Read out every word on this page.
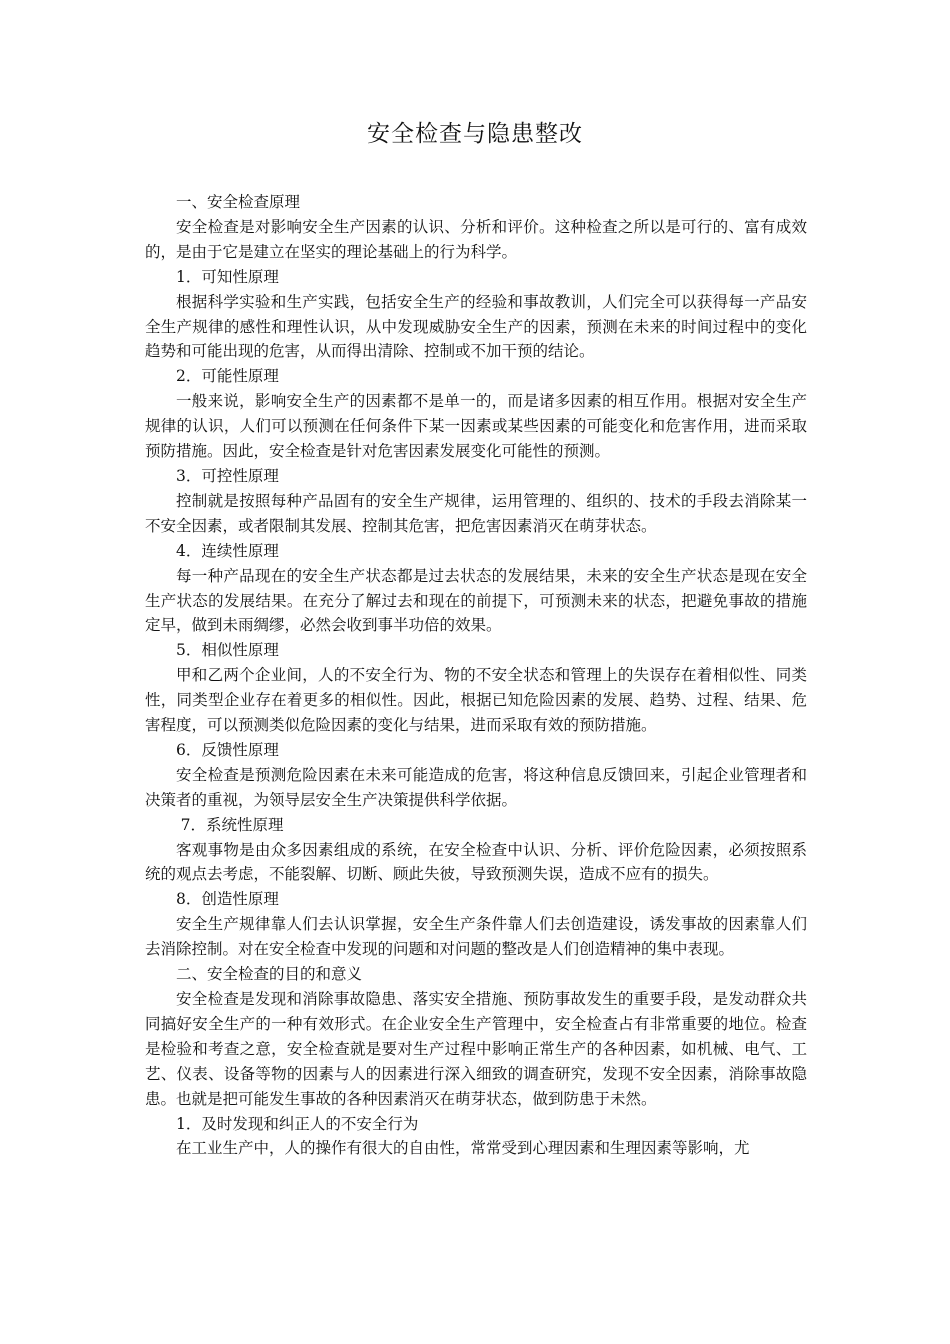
安全检查与隐患整改

一、安全检查原理

安全检查是对影响安全生产因素的认识、分析和评价。这种检查之所以是可行的、富有成效的，是由于它是建立在坚实的理论基础上的行为科学。

1．可知性原理

根据科学实验和生产实践，包括安全生产的经验和事故教训，人们完全可以获得每一产品安全生产规律的感性和理性认识，从中发现威胁安全生产的因素，预测在未来的时间过程中的变化趋势和可能出现的危害，从而得出清除、控制或不加干预的结论。

2．可能性原理

一般来说，影响安全生产的因素都不是单一的，而是诸多因素的相互作用。根据对安全生产规律的认识，人们可以预测在任何条件下某一因素或某些因素的可能变化和危害作用，进而采取预防措施。因此，安全检查是针对危害因素发展变化可能性的预测。

3．可控性原理

控制就是按照每种产品固有的安全生产规律，运用管理的、组织的、技术的手段去消除某一不安全因素，或者限制其发展、控制其危害，把危害因素消灭在萌芽状态。

4．连续性原理

每一种产品现在的安全生产状态都是过去状态的发展结果，未来的安全生产状态是现在安全生产状态的发展结果。在充分了解过去和现在的前提下，可预测未来的状态，把避免事故的措施定早，做到未雨绸缪，必然会收到事半功倍的效果。

5．相似性原理

甲和乙两个企业间，人的不安全行为、物的不安全状态和管理上的失误存在着相似性、同类性，同类型企业存在着更多的相似性。因此，根据已知危险因素的发展、趋势、过程、结果、危害程度，可以预测类似危险因素的变化与结果，进而采取有效的预防措施。

6．反馈性原理

安全检查是预测危险因素在未来可能造成的危害，将这种信息反馈回来，引起企业管理者和决策者的重视，为领导层安全生产决策提供科学依据。

7．系统性原理

客观事物是由众多因素组成的系统，在安全检查中认识、分析、评价危险因素，必须按照系统的观点去考虑，不能裂解、切断、顾此失彼，导致预测失误，造成不应有的损失。

8．创造性原理

安全生产规律靠人们去认识掌握，安全生产条件靠人们去创造建设，诱发事故的因素靠人们去消除控制。对在安全检查中发现的问题和对问题的整改是人们创造精神的集中表现。

二、安全检查的目的和意义

安全检查是发现和消除事故隐患、落实安全措施、预防事故发生的重要手段，是发动群众共同搞好安全生产的一种有效形式。在企业安全生产管理中，安全检查占有非常重要的地位。检查是检验和考查之意，安全检查就是要对生产过程中影响正常生产的各种因素，如机械、电气、工艺、仪表、设备等物的因素与人的因素进行深入细致的调查研究，发现不安全因素，消除事故隐患。也就是把可能发生事故的各种因素消灭在萌芽状态，做到防患于未然。

1．及时发现和纠正人的不安全行为

在工业生产中，人的操作有很大的自由性，常常受到心理因素和生理因素等影响，尤
